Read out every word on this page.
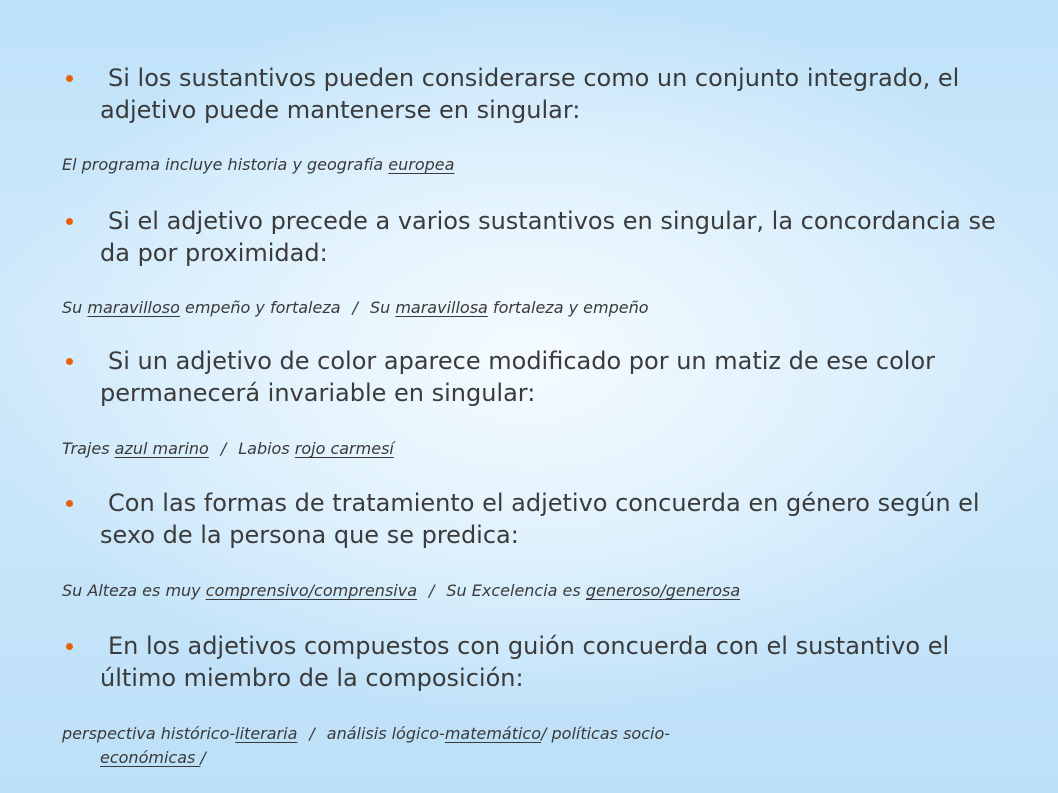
Si los sustantivos pueden considerarse como un conjunto integrado, el adjetivo puede mantenerse en singular:
El programa incluye historia y geografía europea
Si el adjetivo precede a varios sustantivos en singular, la concordancia se da por proximidad:
Su maravilloso empeño y fortaleza / Su maravillosa fortaleza y empeño
Si un adjetivo de color aparece modificado por un matiz de ese color permanecerá invariable en singular:
Trajes azul marino / Labios rojo carmesí
Con las formas de tratamiento el adjetivo concuerda en género según el sexo de la persona que se predica:
Su Alteza es muy comprensivo/comprensiva / Su Excelencia es generoso/generosa
En los adjetivos compuestos con guión concuerda con el sustantivo el último miembro de la composición:
perspectiva histórico-literaria / análisis lógico-matemático/ políticas socio-
económicas /
